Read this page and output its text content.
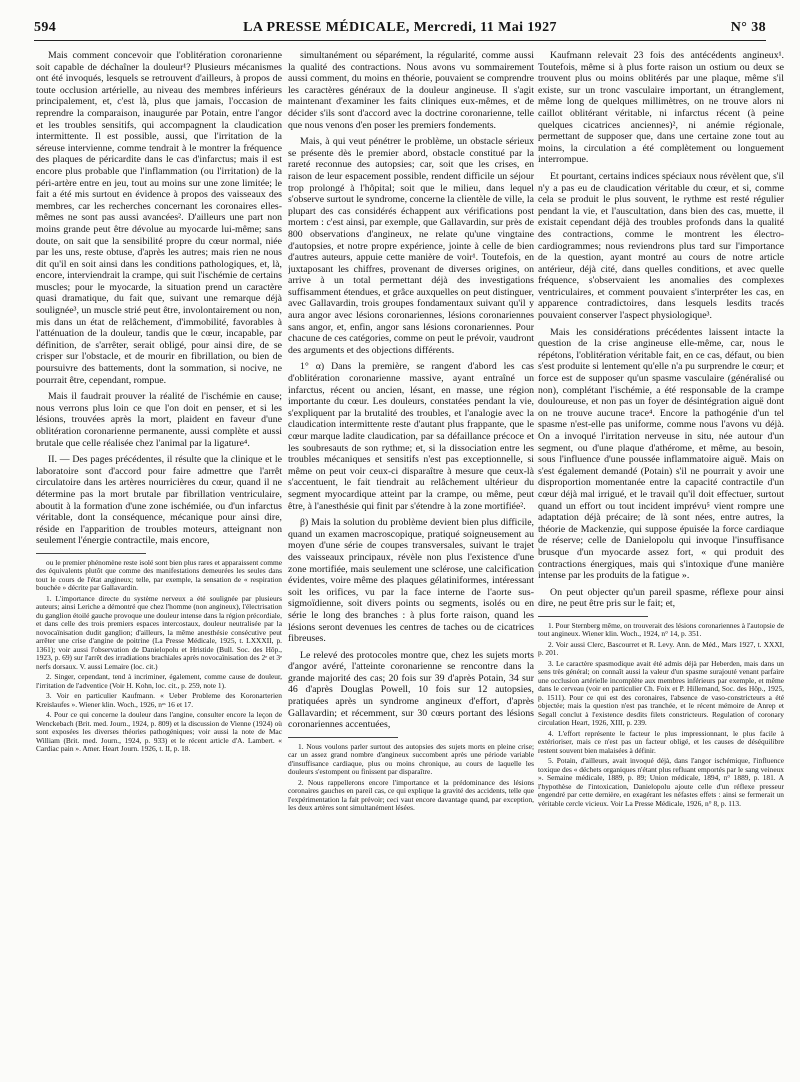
594	LA PRESSE MÉDICALE, Mercredi, 11 Mai 1927	N° 38

Mais comment concevoir que l'oblitération coronarienne soit capable de déchaîner la douleur¹? Plusieurs mécanismes ont été invoqués, lesquels se retrouvent d'ailleurs, à propos de toute occlusion artérielle, au niveau des membres inférieurs principalement, et, c'est là, plus que jamais, l'occasion de reprendre la comparaison, inaugurée par Potain, entre l'angor et les troubles sensitifs, qui accompagnent la claudication intermittente. Il est possible, aussi, que l'irritation de la séreuse intervienne, comme tendrait à le montrer la fréquence des plaques de péricardite dans le cas d'infarctus; mais il est encore plus probable que l'inflammation (ou l'irritation) de la péri-artère entre en jeu, tout au moins sur une zone limitée; le fait a été mis surtout en évidence à propos des vaisseaux des membres, car les recherches concernant les coronaires elles-mêmes ne sont pas aussi avancées². D'ailleurs une part non moins grande peut être dévolue au myocarde lui-même; sans doute, on sait que la sensibilité propre du cœur normal, niée par les uns, reste obtuse, d'après les autres; mais rien ne nous dit qu'il en soit ainsi dans les conditions pathologiques, et, là, encore, interviendrait la crampe, qui suit l'ischémie de certains muscles; pour le myocarde, la situation prend un caractère quasi dramatique, du fait que, suivant une remarque déjà soulignée³, un muscle strié peut être, involontairement ou non, mis dans un état de relâchement, d'immobilité, favorables à l'atténuation de la douleur, tandis que le cœur, incapable, par définition, de s'arrêter, serait obligé, pour ainsi dire, de se crisper sur l'obstacle, et de mourir en fibrillation, ou bien de poursuivre des battements, dont la sommation, si nocive, ne pourrait être, cependant, rompue.

Mais il faudrait prouver la réalité de l'ischémie en cause; nous verrons plus loin ce que l'on doit en penser, et si les lésions, trouvées après la mort, plaident en faveur d'une oblitération coronarienne permanente, aussi complète et aussi brutale que celle réalisée chez l'animal par la ligature⁴.

II. — Des pages précédentes, il résulte que la clinique et le laboratoire sont d'accord pour faire admettre que l'arrêt circulatoire dans les artères nourricières du cœur, quand il ne détermine pas la mort brutale par fibrillation ventriculaire, aboutit à la formation d'une zone ischémiée, ou d'un infarctus véritable, dont la conséquence, mécanique pour ainsi dire, réside en l'apparition de troubles moteurs, atteignant non seulement l'énergie contractile, mais encore,

ou le premier phénomène reste isolé sont bien plus rares et apparaissent comme des équivalents plutôt que comme des manifestations demeurées les seules dans tout le cours de l'état angineux; telle, par exemple, la sensation de « respiration bouchée » décrite par Gallavardin.

1. L'importance directe du système nerveux a été soulignée par plusieurs auteurs; ainsi Leriche a démontré que chez l'homme (non angineux), l'électrisation du ganglion étoilé gauche provoque une douleur intense dans la région précordiale, et dans celle des trois premiers espaces intercostaux, douleur neutralisée par la novocaïnisation dudit ganglion; d'ailleurs, la même anesthésie consécutive peut arrêter une crise d'angine de poitrine (La Presse Médicale, 1925, t. LXXXII, p. 1361); voir aussi l'observation de Danielopolu et Hristide (Bull. Soc. des Hôp., 1923, p. 69) sur l'arrêt des irradiations brachiales après novocaïnisation des 2ᵉ et 3ᵉ nerfs dorsaux. V. aussi Lemaire (loc. cit.)

2. Singer, cependant, tend à incriminer, également, comme cause de douleur, l'irritation de l'adventice (Voir H. Kohn, loc. cit., p. 259, note 1).

3. Voir en particulier Kaufmann. « Ueber Probleme des Koronarterien Kreislaufes ». Wiener klin. Woch., 1926, nᵒˢ 16 et 17.

4. Pour ce qui concerne la douleur dans l'angine, consulter encore la leçon de Wenckebach (Brit. med. Journ., 1924, p. 809) et la discussion de Vienne (1924) où sont exposées les diverses théories pathogéniques; voir aussi la note de Mac William (Brit. med. Journ., 1924, p. 933) et le récent article d'A. Lambert. « Cardiac pain ». Amer. Heart Journ. 1926, t. II, p. 18.

simultanément ou séparément, la régularité, comme aussi la qualité des contractions. Nous avons vu sommairement aussi comment, du moins en théorie, pouvaient se comprendre les caractères généraux de la douleur angineuse. Il s'agit maintenant d'examiner les faits cliniques eux-mêmes, et de décider s'ils sont d'accord avec la doctrine coronarienne, telle que nous venons d'en poser les premiers fondements.

Mais, à qui veut pénétrer le problème, un obstacle sérieux se présente dès le premier abord, obstacle constitué par la rareté reconnue des autopsies; car, soit que les crises, en raison de leur espacement possible, rendent difficile un séjour trop prolongé à l'hôpital; soit que le milieu, dans lequel s'observe surtout le syndrome, concerne la clientèle de ville, la plupart des cas considérés échappent aux vérifications post mortem : c'est ainsi, par exemple, que Gallavardin, sur près de 800 observations d'angineux, ne relate qu'une vingtaine d'autopsies, et notre propre expérience, jointe à celle de bien d'autres auteurs, appuie cette manière de voir¹. Toutefois, en juxtaposant les chiffres, provenant de diverses origines, on arrive à un total permettant déjà des investigations suffisamment étendues, et grâce auxquelles on peut distinguer, avec Gallavardin, trois groupes fondamentaux suivant qu'il y aura angor avec lésions coronariennes, lésions coronariennes sans angor, et, enfin, angor sans lésions coronariennes. Pour chacune de ces catégories, comme on peut le prévoir, vaudront des arguments et des objections différents.

1° α) Dans la première, se rangent d'abord les cas d'oblitération coronarienne massive, ayant entraîné un infarctus, récent ou ancien, lésant, en masse, une région importante du cœur. Les douleurs, constatées pendant la vie, s'expliquent par la brutalité des troubles, et l'analogie avec la claudication intermittente reste d'autant plus frappante, que le cœur marque ladite claudication, par sa défaillance précoce et les soubresauts de son rythme; et, si la dissociation entre les troubles mécaniques et sensitifs n'est pas exceptionnelle, si même on peut voir ceux-ci disparaître à mesure que ceux-là s'accentuent, le fait tiendrait au relâchement ultérieur du segment myocardique atteint par la crampe, ou même, peut être, à l'anesthésie qui finit par s'étendre à la zone mortifiée².

β) Mais la solution du problème devient bien plus difficile, quand un examen macroscopique, pratiqué soigneusement au moyen d'une série de coupes transversales, suivant le trajet des vaisseaux principaux, révèle non plus l'existence d'une zone mortifiée, mais seulement une sclérose, une calcification évidentes, voire même des plaques gélatiniformes, intéressant soit les orifices, vu par la face interne de l'aorte sus-sigmoïdienne, soit divers points ou segments, isolés ou en série le long des branches : à plus forte raison, quand les lésions seront devenues les centres de taches ou de cicatrices fibreuses.

Le relevé des protocoles montre que, chez les sujets morts d'angor avéré, l'atteinte coronarienne se rencontre dans la grande majorité des cas; 20 fois sur 39 d'après Potain, 34 sur 46 d'après Douglas Powell, 10 fois sur 12 autopsies, pratiquées après un syndrome angineux d'effort, d'après Gallavardin; et récemment, sur 30 cœurs portant des lésions coronariennes accentuées,

1. Nous voulons parler surtout des autopsies des sujets morts en pleine crise; car un assez grand nombre d'angineux succombent après une période variable d'insuffisance cardiaque, plus ou moins chronique, au cours de laquelle les douleurs s'estompent ou finissent par disparaître.

2. Nous rappellerons encore l'importance et la prédominance des lésions coronaires gauches en pareil cas, ce qui explique la gravité des accidents, telle que l'expérimentation la fait prévoir; ceci vaut encore davantage quand, par exception, les deux artères sont simultanément lésées.

Kaufmann relevait 23 fois des antécédents angineux¹. Toutefois, même si à plus forte raison un ostium ou deux se trouvent plus ou moins oblitérés par une plaque, même s'il existe, sur un tronc vasculaire important, un étranglement, même long de quelques millimètres, on ne trouve alors ni caillot oblitérant véritable, ni infarctus récent (à peine quelques cicatrices anciennes)², ni anémie régionale, permettant de supposer que, dans une certaine zone tout au moins, la circulation a été complètement ou longuement interrompue.

Et pourtant, certains indices spéciaux nous révèlent que, s'il n'y a pas eu de claudication véritable du cœur, et si, comme cela se produit le plus souvent, le rythme est resté régulier pendant la vie, et l'auscultation, dans bien des cas, muette, il existait cependant déjà des troubles profonds dans la qualité des contractions, comme le montrent les électro-cardiogrammes; nous reviendrons plus tard sur l'importance de la question, ayant montré au cours de notre article antérieur, déjà cité, dans quelles conditions, et avec quelle fréquence, s'observaient les anomalies des complexes ventriculaires, et comment pouvaient s'interpréter les cas, en apparence contradictoires, dans lesquels lesdits tracés pouvaient conserver l'aspect physiologique³.

Mais les considérations précédentes laissent intacte la question de la crise angineuse elle-même, car, nous le répétons, l'oblitération véritable fait, en ce cas, défaut, ou bien s'est produite si lentement qu'elle n'a pu surprendre le cœur; et force est de supposer qu'un spasme vasculaire (généralisé ou non), complétant l'ischémie, a été responsable de la crampe douloureuse, et non pas un foyer de désintégration aiguë dont on ne trouve aucune trace⁴. Encore la pathogénie d'un tel spasme n'est-elle pas uniforme, comme nous l'avons vu déjà. On a invoqué l'irritation nerveuse in situ, née autour d'un segment, ou d'une plaque d'athérome, et même, au besoin, sous l'influence d'une poussée inflammatoire aiguë. Mais on s'est également demandé (Potain) s'il ne pourrait y avoir une disproportion momentanée entre la capacité contractile d'un cœur déjà mal irrigué, et le travail qu'il doit effectuer, surtout quand un effort ou tout incident imprévu⁵ vient rompre une adaptation déjà précaire; de là sont nées, entre autres, la théorie de Mackenzie, qui suppose épuisée la force cardiaque de réserve; celle de Danielopolu qui invoque l'insuffisance brusque d'un myocarde assez fort, « qui produit des contractions énergiques, mais qui s'intoxique d'une manière intense par les produits de la fatigue ».

On peut objecter qu'un pareil spasme, réflexe pour ainsi dire, ne peut être pris sur le fait; et,

1. Pour Sternberg même, on trouverait des lésions coronariennes à l'autopsie de tout angineux. Wiener klin. Woch., 1924, n° 14, p. 351.

2. Voir aussi Clerc, Bascourret et R. Levy. Ann. de Méd., Mars 1927, t. XXXI, p. 201.

3. Le caractère spasmodique avait été admis déjà par Heberden, mais dans un sens très général; on connaît aussi la valeur d'un spasme surajouté venant parfaire une occlusion artérielle incomplète aux membres inférieurs par exemple, et même dans le cerveau (voir en particulier Ch. Foix et P. Hillemand, Soc. des Hôp., 1925, p. 1511). Pour ce qui est des coronaires, l'absence de vaso-constricteurs a été objectée; mais la question n'est pas tranchée, et le récent mémoire de Anrep et Segall conclut à l'existence desdits filets constricteurs. Regulation of coronary circulation Heart, 1926, XIII, p. 239.

4. L'effort représente le facteur le plus impressionnant, le plus facile à extérioriser, mais ce n'est pas un facteur obligé, et les causes de déséquilibre restent souvent bien malaisées à définir.

5. Potain, d'ailleurs, avait invoqué déjà, dans l'angor ischémique, l'influence toxique des « déchets organiques n'étant plus refluant emportés par le sang veineux ». Semaine médicale, 1889, p. 89; Union médicale, 1894, n° 1889, p. 181. A l'hypothèse de l'intoxication, Danielopolu ajoute celle d'un réflexe presseur engendré par cette dernière, en exagérant les néfastes effets : ainsi se fermerait un véritable cercle vicieux. Voir La Presse Médicale, 1926, n° 8, p. 113.
